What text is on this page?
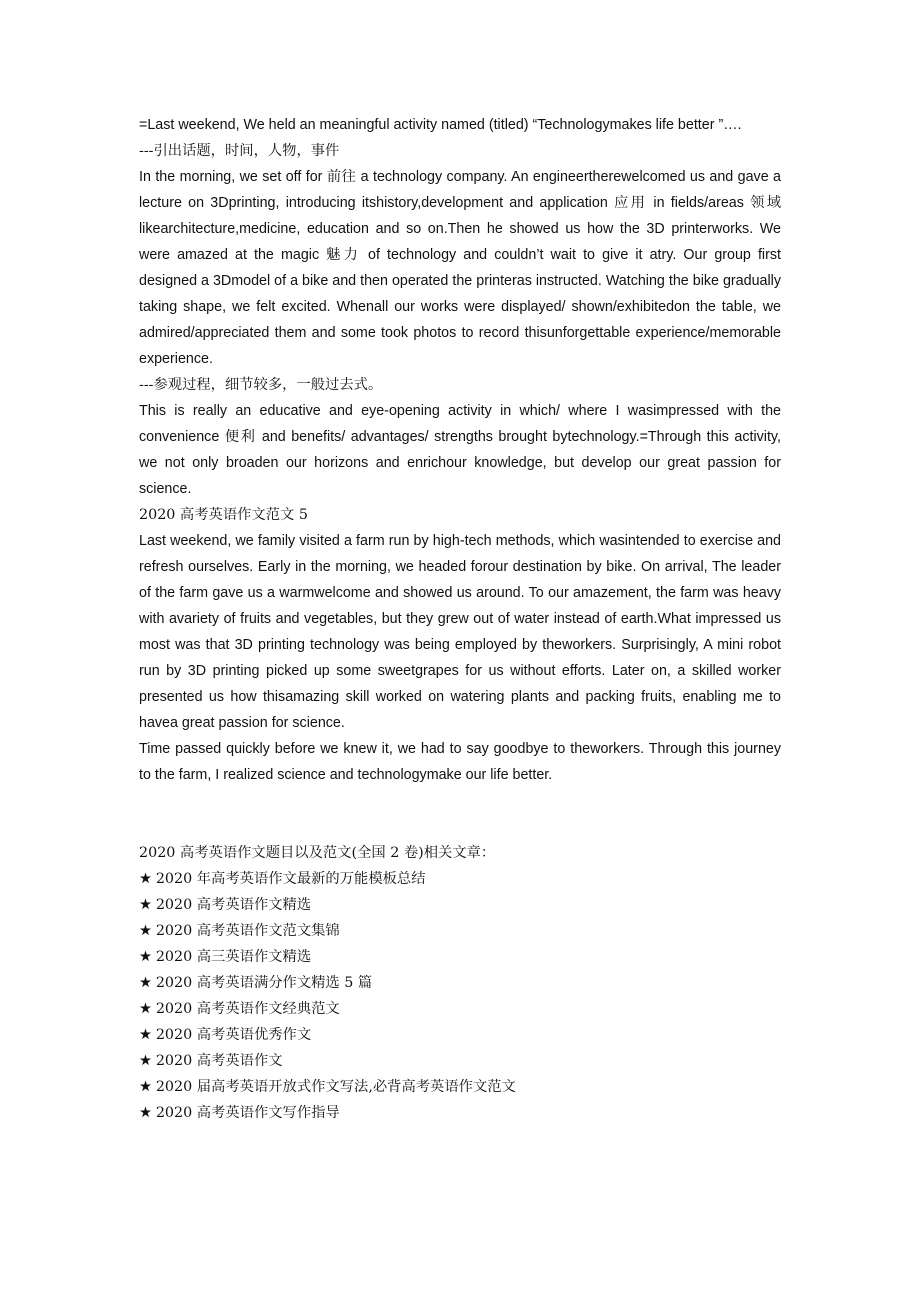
=Last weekend, We held an meaningful activity named (titled) “Technologymakes life better ”….

---引出话题，时间，人物，事件

In the morning, we set off for 前往 a technology company. An engineertherewelcomed us and gave a lecture on 3Dprinting, introducing itshistory,development and application 应用 in fields/areas 领域 likearchitecture,medicine, education and so on.Then he showed us how the 3D printerworks. We were amazed at the magic 魅力 of technology and couldn’t wait to give it atry. Our group first designed a 3Dmodel of a bike and then operated the printeras instructed. Watching the bike gradually taking shape, we felt excited. Whenall our works were displayed/ shown/exhibitedon the table, we admired/appreciated them and some took photos to record thisunforgettable experience/memorable experience.

---参观过程，细节较多，一般过去式。

This is really an educative and eye-opening activity in which/ where I wasimpressed with the convenience 便利 and benefits/ advantages/ strengths brought bytechnology.=Through this activity, we not only broaden our horizons and enrichour knowledge, but develop our great passion for science.

2020 高考英语作文范文 5

Last weekend, we family visited a farm run by high-tech methods, which wasintended to exercise and refresh ourselves. Early in the morning, we headed forour destination by bike. On arrival, The leader of the farm gave us a warmwelcome and showed us around. To our amazement, the farm was heavy with avariety of fruits and vegetables, but they grew out of water instead of earth.What impressed us most was that 3D printing technology was being employed by theworkers. Surprisingly, A mini robot run by 3D printing picked up some sweetgrapes for us without efforts. Later on, a skilled worker presented us how thisamazing skill worked on watering plants and packing fruits, enabling me to havea great passion for science.

Time passed quickly before we knew it, we had to say goodbye to theworkers. Through this journey to the farm, I realized science and technologymake our life better.

2020 高考英语作文题目以及范文(全国 2 卷)相关文章：

★ 2020 年高考英语作文最新的万能模板总结
★ 2020 高考英语作文精选
★ 2020 高考英语作文范文集锦
★ 2020 高三英语作文精选
★ 2020 高考英语满分作文精选 5 篇
★ 2020 高考英语作文经典范文
★ 2020 高考英语优秀作文
★ 2020 高考英语作文
★ 2020 届高考英语开放式作文写法,必背高考英语作文范文
★ 2020 高考英语作文写作指导
